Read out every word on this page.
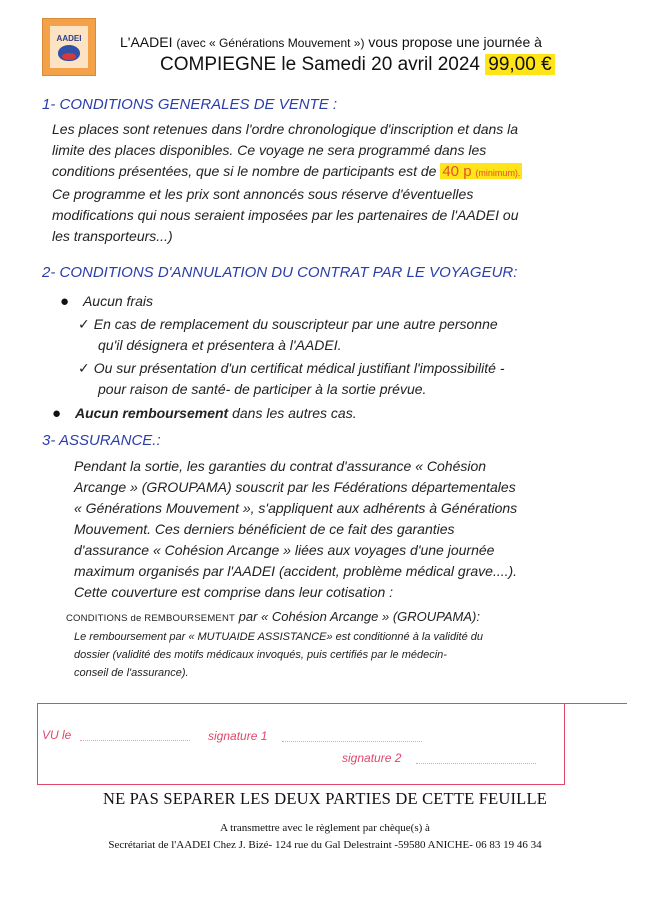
AADEI	L'AADEI (avec « Générations Mouvement ») vous propose une journée à
COMPIEGNE le Samedi 20 avril 2024 99,00 €
1- CONDITIONS GENERALES DE VENTE :
Les places sont retenues dans l'ordre chronologique d'inscription et dans la
limite des places disponibles. Ce voyage ne sera programmé dans les
conditions présentées, que si le nombre de participants est de 40 p (minimum).
Ce programme et les prix sont annoncés sous réserve d'éventuelles
modifications qui nous seraient imposées par les partenaires de l'AADEI ou
les transporteurs...)
2- CONDITIONS D'ANNULATION DU CONTRAT PAR LE VOYAGEUR:
● Aucun frais
✓ En cas de remplacement du souscripteur par une autre personne
qu'il désignera et présentera à l'AADEI.
✓ Ou sur présentation d'un certificat médical justifiant l'impossibilité -
pour raison de santé- de participer à la sortie prévue.
● Aucun remboursement dans les autres cas.
3- ASSURANCE.:
Pendant la sortie, les garanties du contrat d'assurance « Cohésion
Arcange » (GROUPAMA) souscrit par les Fédérations départementales
« Générations Mouvement », s'appliquent aux adhérents à Générations
Mouvement. Ces derniers bénéficient de ce fait des garanties
d'assurance « Cohésion Arcange » liées aux voyages d'une journée
maximum organisés par l'AADEI (accident, problème médical grave....).
Cette couverture est comprise dans leur cotisation :
CONDITIONS de REMBOURSEMENT par « Cohésion Arcange » (GROUPAMA):
Le remboursement par « MUTUAIDE ASSISTANCE» est conditionné à la validité du
dossier (validité des motifs médicaux invoqués, puis certifiés par le médecin-
conseil de l'assurance).
VU le	signature 1
signature 2
NE PAS SEPARER LES DEUX PARTIES DE CETTE FEUILLE
A transmettre avec le règlement par chèque(s) à
Secrétariat de l'AADEI Chez J. Bizé- 124 rue du Gal Delestraint -59580 ANICHE- 06 83 19 46 34
